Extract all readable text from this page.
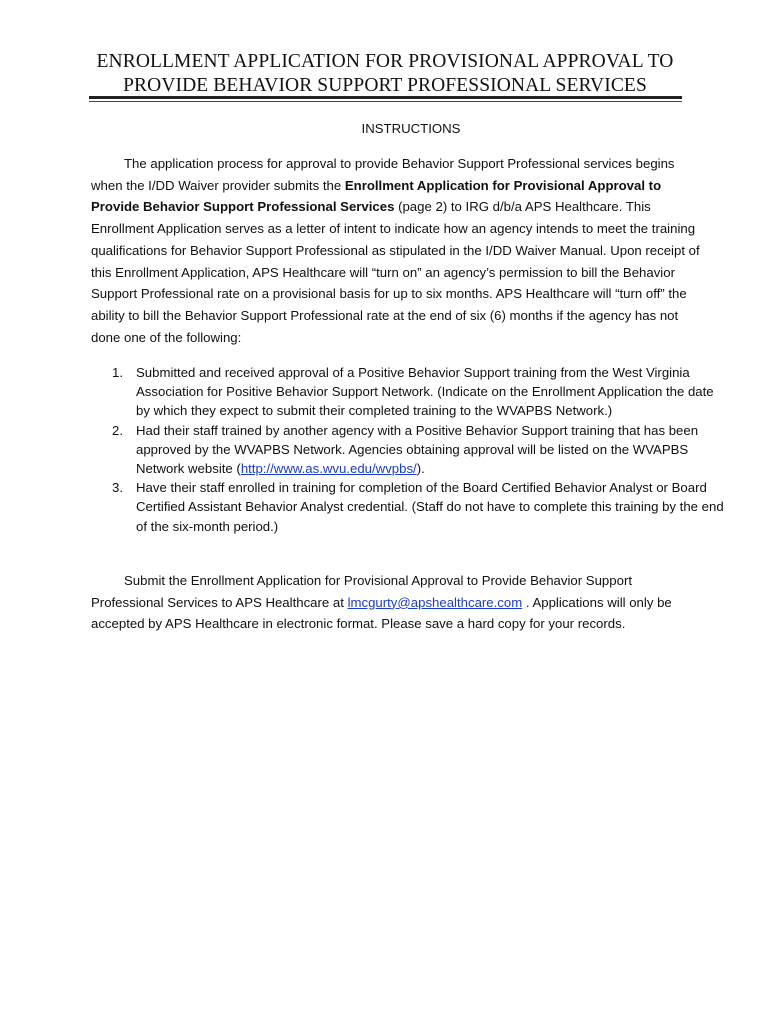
ENROLLMENT APPLICATION FOR PROVISIONAL APPROVAL TO
PROVIDE BEHAVIOR SUPPORT PROFESSIONAL SERVICES
INSTRUCTIONS

The application process for approval to provide Behavior Support Professional services begins when the I/DD Waiver provider submits the Enrollment Application for Provisional Approval to Provide Behavior Support Professional Services (page 2) to IRG d/b/a APS Healthcare. This Enrollment Application serves as a letter of intent to indicate how an agency intends to meet the training qualifications for Behavior Support Professional as stipulated in the I/DD Waiver Manual. Upon receipt of this Enrollment Application, APS Healthcare will “turn on” an agency’s permission to bill the Behavior Support Professional rate on a provisional basis for up to six months. APS Healthcare will “turn off” the ability to bill the Behavior Support Professional rate at the end of six (6) months if the agency has not done one of the following:

1. Submitted and received approval of a Positive Behavior Support training from the West Virginia Association for Positive Behavior Support Network. (Indicate on the Enrollment Application the date by which they expect to submit their completed training to the WVAPBS Network.)
2. Had their staff trained by another agency with a Positive Behavior Support training that has been approved by the WVAPBS Network. Agencies obtaining approval will be listed on the WVAPBS Network website (http://www.as.wvu.edu/wvpbs/).
3. Have their staff enrolled in training for completion of the Board Certified Behavior Analyst or Board Certified Assistant Behavior Analyst credential. (Staff do not have to complete this training by the end of the six-month period.)

Submit the Enrollment Application for Provisional Approval to Provide Behavior Support Professional Services to APS Healthcare at lmcgurty@apshealthcare.com . Applications will only be accepted by APS Healthcare in electronic format. Please save a hard copy for your records.
